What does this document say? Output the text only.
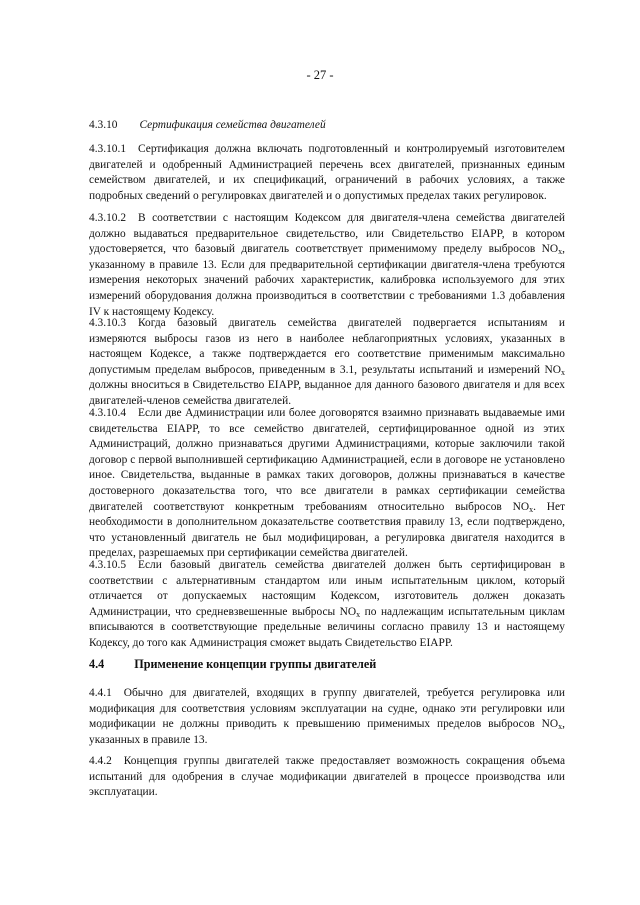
- 27 -
4.3.10 Сертификация семейства двигателей

4.3.10.1 Сертификация должна включать подготовленный и контролируемый изготовителем двигателей и одобренный Администрацией перечень всех двигателей, признанных единым семейством двигателей, и их спецификаций, ограничений в рабочих условиях, а также подробных сведений о регулировках двигателей и о допустимых пределах таких регулировок.

4.3.10.2 В соответствии с настоящим Кодексом для двигателя-члена семейства двигателей должно выдаваться предварительное свидетельство, или Свидетельство EIAPP, в котором удостоверяется, что базовый двигатель соответствует применимому пределу выбросов $NO_x$, указанному в правиле 13. Если для предварительной сертификации двигателя-члена требуются измерения некоторых значений рабочих характеристик, калибровка используемого для этих измерений оборудования должна производиться в соответствии с требованиями 1.3 добавления IV к настоящему Кодексу.

4.3.10.3 Когда базовый двигатель семейства двигателей подвергается испытаниям и измеряются выбросы газов из него в наиболее неблагоприятных условиях, указанных в настоящем Кодексе, а также подтверждается его соответствие применимым максимально допустимым пределам выбросов, приведенным в 3.1, результаты испытаний и измерений $NO_x$ должны вноситься в Свидетельство EIAPP, выданное для данного базового двигателя и для всех двигателей-членов семейства двигателей.

4.3.10.4 Если две Администрации или более договорятся взаимно признавать выдаваемые ими свидетельства EIAPP, то все семейство двигателей, сертифицированное одной из этих Администраций, должно признаваться другими Администрациями, которые заключили такой договор с первой выполнившей сертификацию Администрацией, если в договоре не установлено иное. Свидетельства, выданные в рамках таких договоров, должны признаваться в качестве достоверного доказательства того, что все двигатели в рамках сертификации семейства двигателей соответствуют конкретным требованиям относительно выбросов $NO_x$. Нет необходимости в дополнительном доказательстве соответствия правилу 13, если подтверждено, что установленный двигатель не был модифицирован, а регулировка двигателя находится в пределах, разрешаемых при сертификации семейства двигателей.

4.3.10.5 Если базовый двигатель семейства двигателей должен быть сертифицирован в соответствии с альтернативным стандартом или иным испытательным циклом, который отличается от допускаемых настоящим Кодексом, изготовитель должен доказать Администрации, что средневзвешенные выбросы $NO_x$ по надлежащим испытательным циклам вписываются в соответствующие предельные величины согласно правилу 13 и настоящему Кодексу, до того как Администрация сможет выдать Свидетельство EIAPP.

4.4 Применение концепции группы двигателей

4.4.1 Обычно для двигателей, входящих в группу двигателей, требуется регулировка или модификация для соответствия условиям эксплуатации на судне, однако эти регулировки или модификации не должны приводить к превышению применимых пределов выбросов $NO_x$, указанных в правиле 13.

4.4.2 Концепция группы двигателей также предоставляет возможность сокращения объема испытаний для одобрения в случае модификации двигателей в процессе производства или эксплуатации.
